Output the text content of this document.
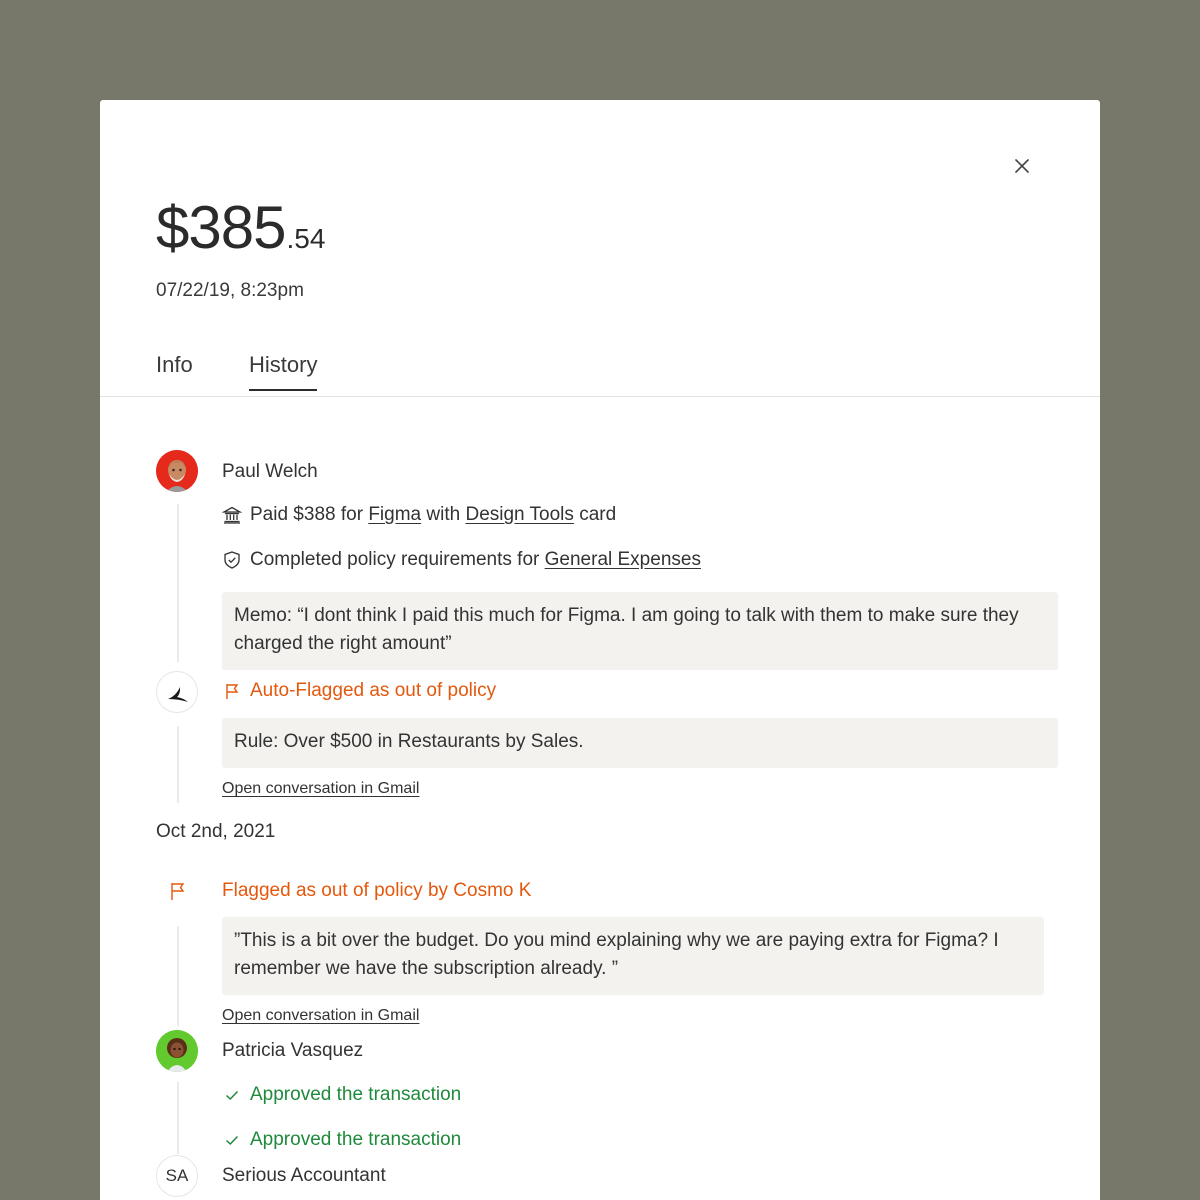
$385 .54
07/22/19, 8:23pm
Info	History
Paul Welch
Paid $388 for
Figma
with
Design Tools
card
Completed policy requirements for
General Expenses
Memo: “I dont think I paid this much for Figma. I am going to talk with them to make sure they charged the right amount”
Auto-Flagged as out of policy
Rule: Over $500 in Restaurants by Sales.
Open conversation in Gmail
Oct 2nd, 2021
Flagged as out of policy by Cosmo K
”This is a bit over the budget. Do you mind explaining why we are paying extra for Figma? I remember we have the subscription already. ”
Open conversation in Gmail
Patricia Vasquez
Approved the transaction
Approved the transaction
SA	Serious Accountant
